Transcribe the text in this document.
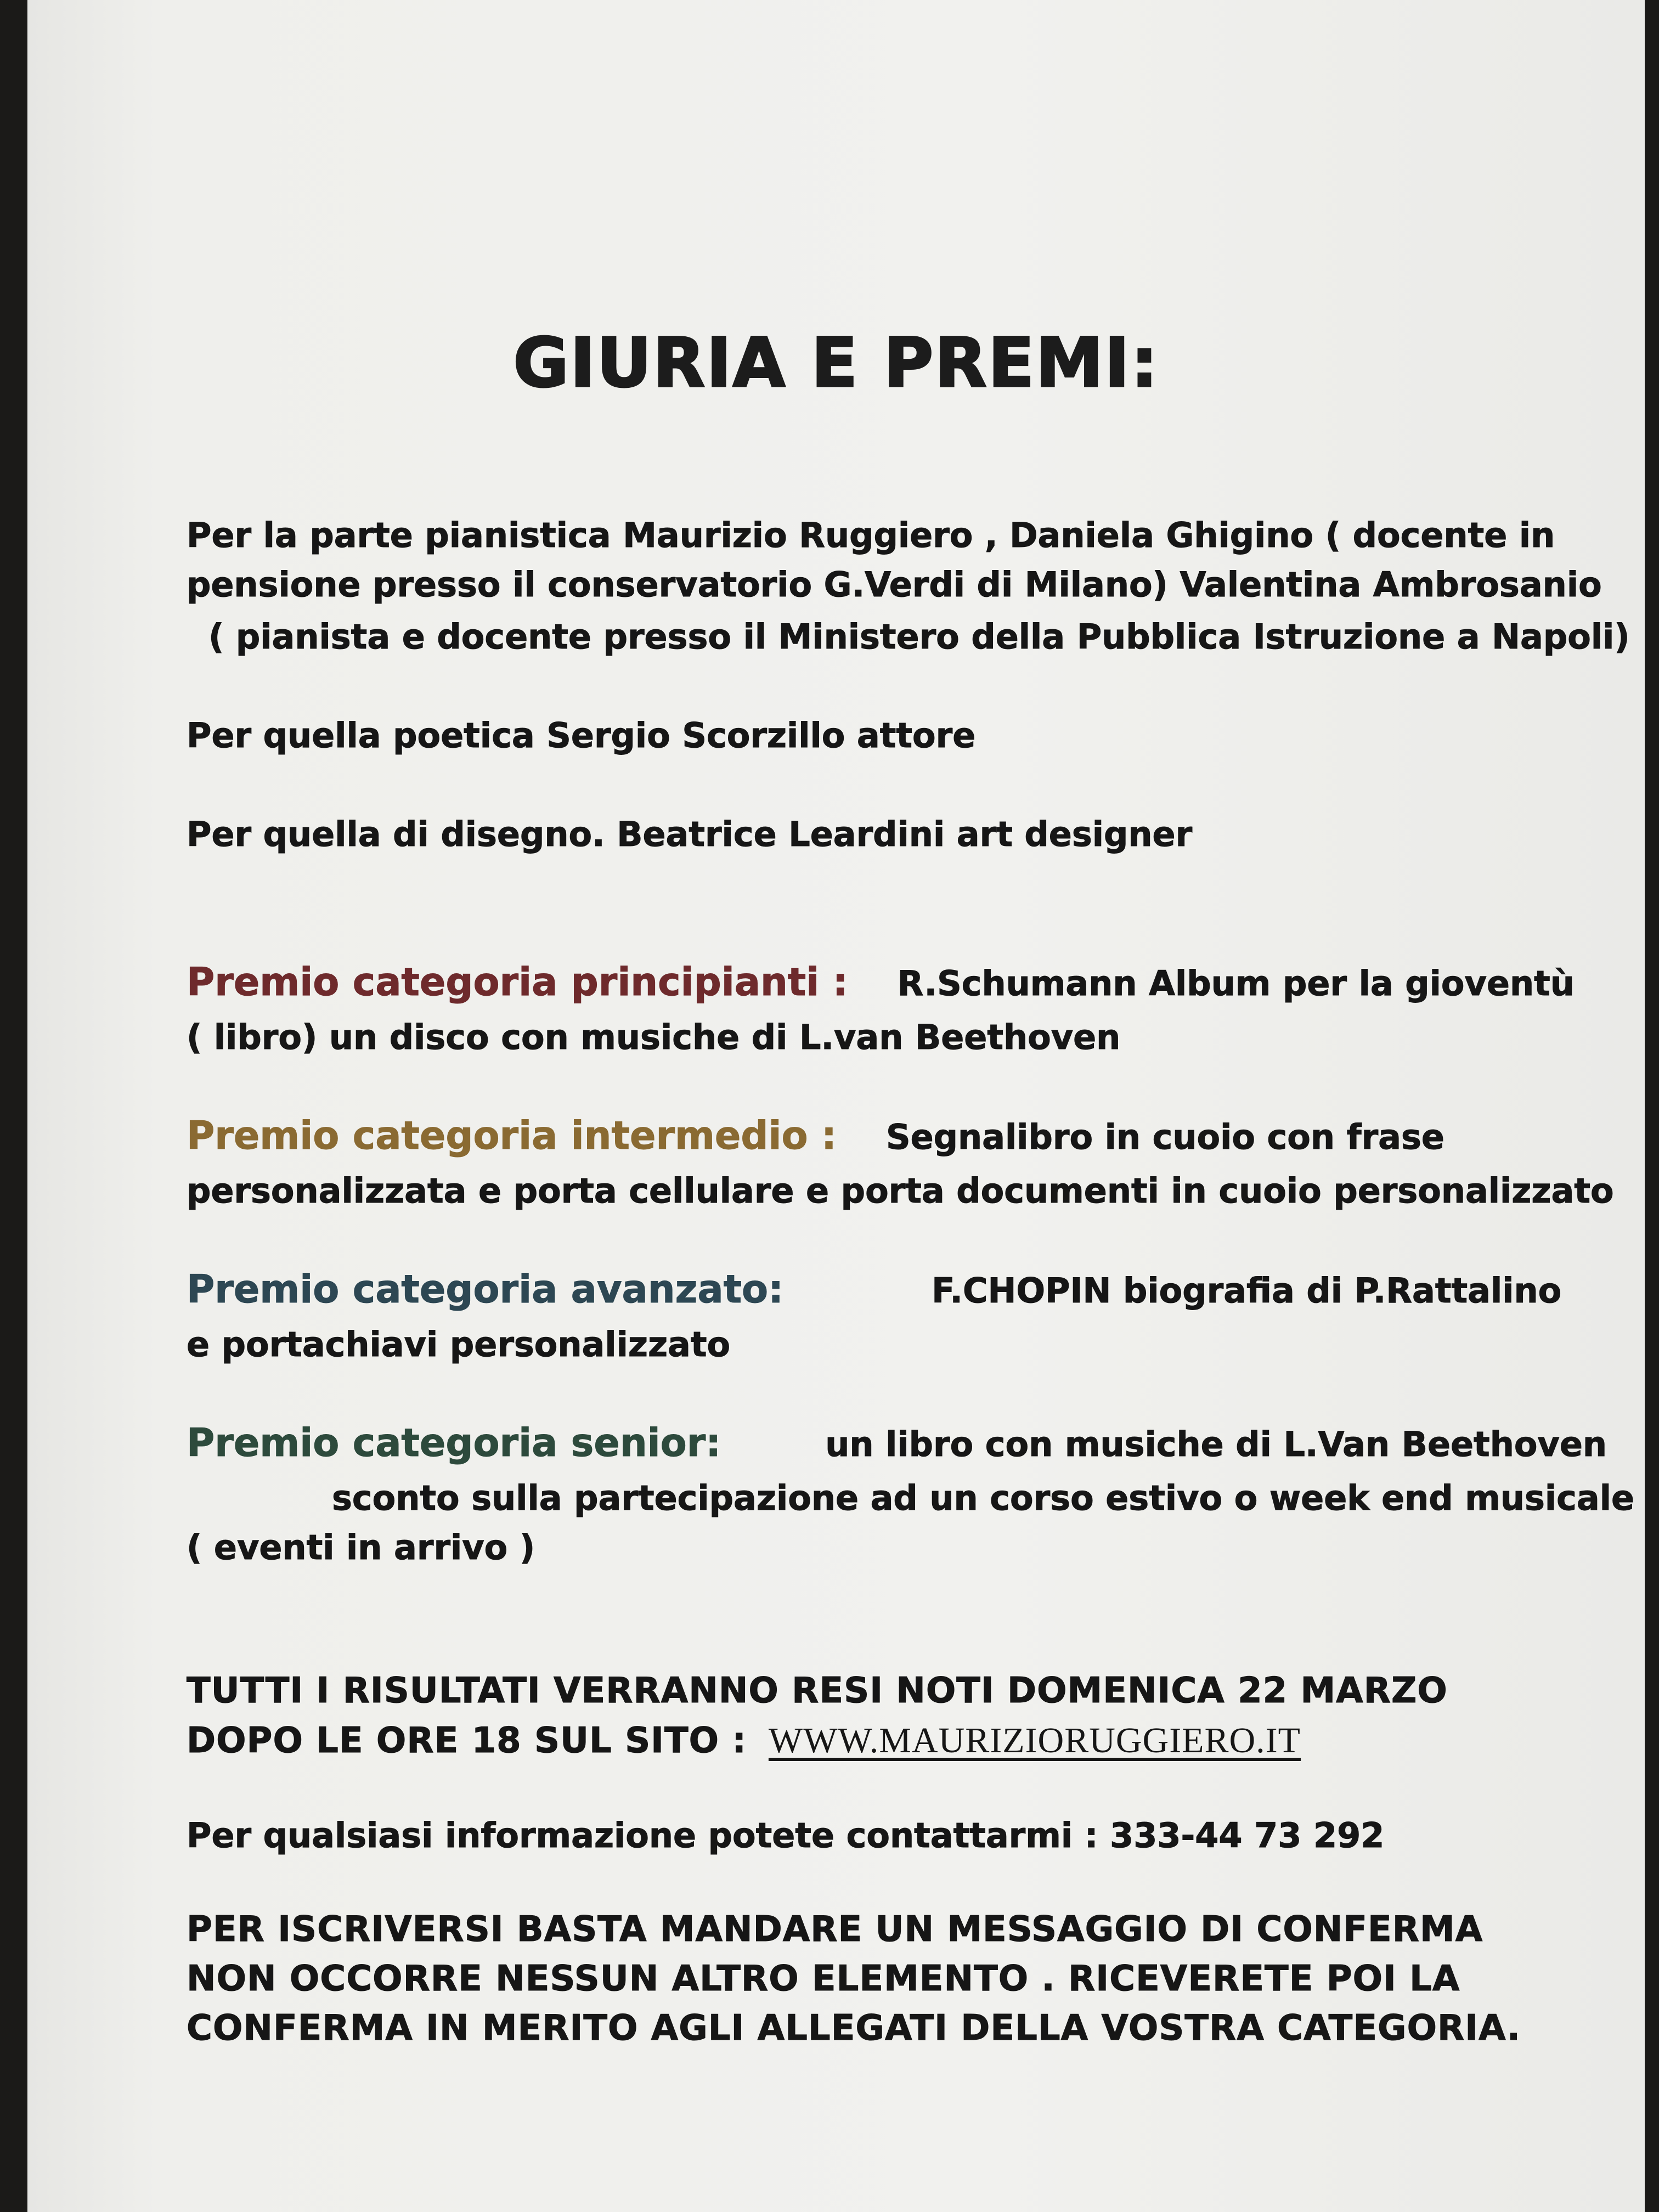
GIURIA E PREMI:
Per la parte pianistica Maurizio Ruggiero , Daniela Ghigino ( docente in
pensione presso il conservatorio G.Verdi di Milano) Valentina Ambrosanio
( pianista e docente presso il Ministero della Pubblica Istruzione a Napoli)
Per quella poetica Sergio Scorzillo attore
Per quella di disegno. Beatrice Leardini art designer
Premio categoria principianti : R.Schumann Album per la gioventù
( libro) un disco con musiche di L.van Beethoven
Premio categoria intermedio : Segnalibro in cuoio con frase
personalizzata e porta cellulare e porta documenti in cuoio personalizzato
Premio categoria avanzato:	F.CHOPIN biografia di P.Rattalino
e portachiavi personalizzato
Premio categoria senior:	un libro con musiche di L.Van Beethoven
sconto sulla partecipazione ad un corso estivo o week end musicale
( eventi in arrivo )
TUTTI I RISULTATI VERRANNO RESI NOTI DOMENICA 22 MARZO
DOPO LE ORE 18 SUL SITO : WWW.MAURIZIORUGGIERO.IT
Per qualsiasi informazione potete contattarmi : 333-44 73 292
PER ISCRIVERSI BASTA MANDARE UN MESSAGGIO DI CONFERMA
NON OCCORRE NESSUN ALTRO ELEMENTO . RICEVERETE POI LA
CONFERMA IN MERITO AGLI ALLEGATI DELLA VOSTRA CATEGORIA.
